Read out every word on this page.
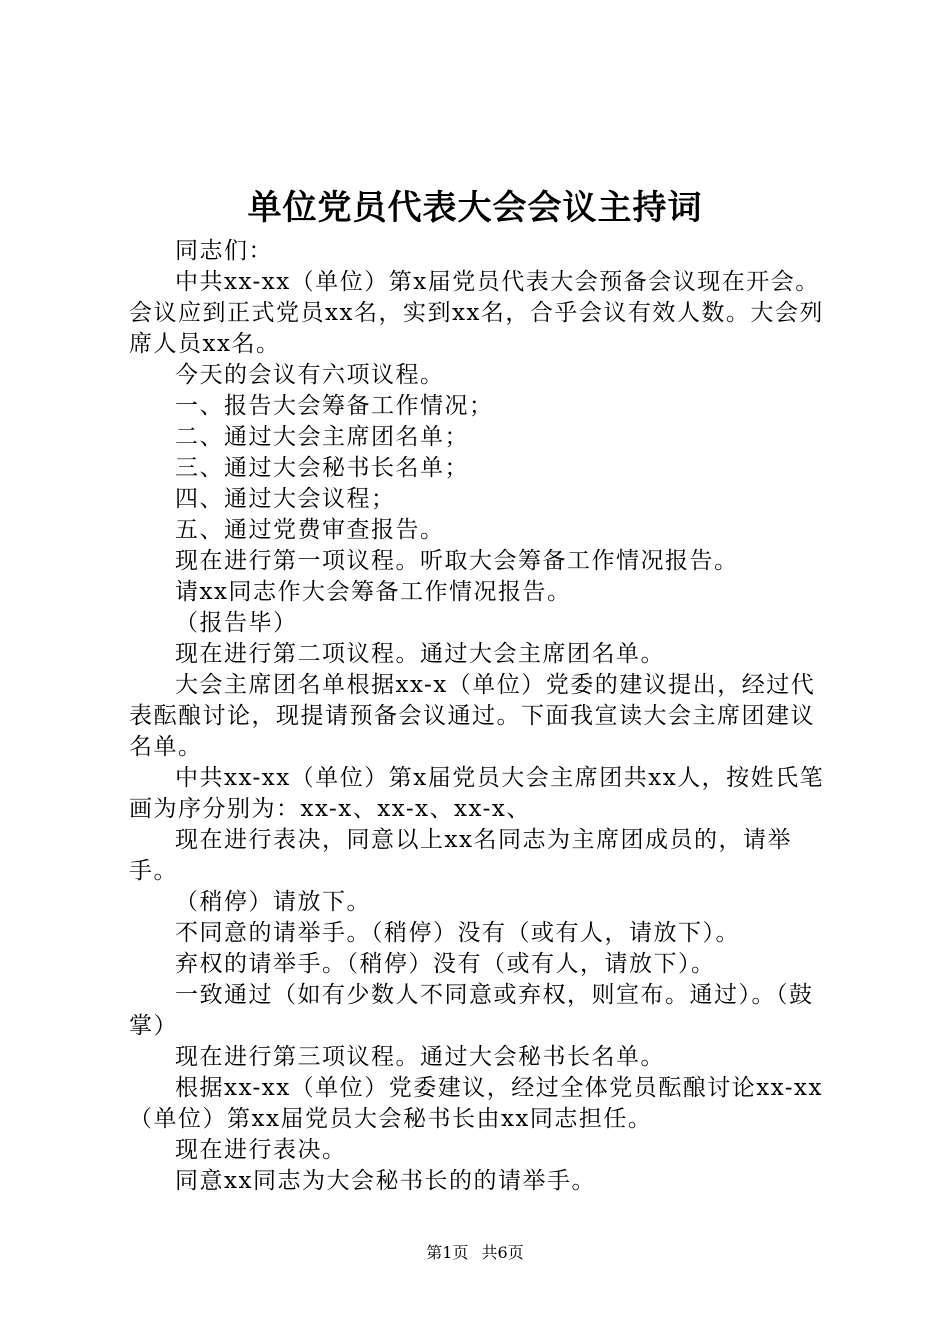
单位党员代表大会会议主持词

同志们：

中共xx-xx（单位）第x届党员代表大会预备会议现在开会。会议应到正式党员xx名，实到xx名，合乎会议有效人数。大会列席人员xx名。

今天的会议有六项议程。

一、报告大会筹备工作情况；

二、通过大会主席团名单；

三、通过大会秘书长名单；

四、通过大会议程；

五、通过党费审查报告。

现在进行第一项议程。听取大会筹备工作情况报告。

请xx同志作大会筹备工作情况报告。

（报告毕）

现在进行第二项议程。通过大会主席团名单。

大会主席团名单根据xx-x（单位）党委的建议提出，经过代表酝酿讨论，现提请预备会议通过。下面我宣读大会主席团建议名单。

中共xx-xx（单位）第x届党员大会主席团共xx人，按姓氏笔画为序分别为：xx-x、xx-x、xx-x、

现在进行表决，同意以上xx名同志为主席团成员的，请举手。

（稍停）请放下。

不同意的请举手。（稍停）没有（或有人，请放下）。

弃权的请举手。（稍停）没有（或有人，请放下）。

一致通过（如有少数人不同意或弃权，则宣布。通过）。（鼓掌）

现在进行第三项议程。通过大会秘书长名单。

根据xx-xx（单位）党委建议，经过全体党员酝酿讨论xx-xx（单位）第xx届党员大会秘书长由xx同志担任。

现在进行表决。

同意xx同志为大会秘书长的的请举手。

第1页 共6页
